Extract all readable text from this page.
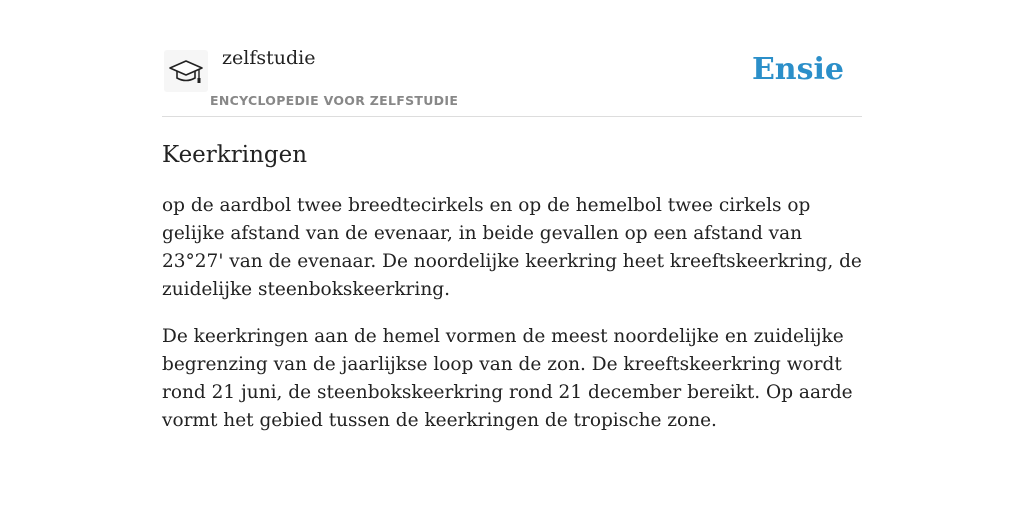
zelfstudie
ENCYCLOPEDIE VOOR ZELFSTUDIE
Ensie
Keerkringen

op de aardbol twee breedtecirkels en op de hemelbol twee cirkels op gelijke afstand van de evenaar, in beide gevallen op een afstand van 23°27' van de evenaar. De noordelijke keerkring heet kreeftskeerkring, de zuidelijke steenbokskeerkring.

De keerkringen aan de hemel vormen de meest noordelijke en zuidelijke begrenzing van de jaarlijkse loop van de zon. De kreeftskeerkring wordt rond 21 juni, de steenbokskeerkring rond 21 december bereikt. Op aarde vormt het gebied tussen de keerkringen de tropische zone.
